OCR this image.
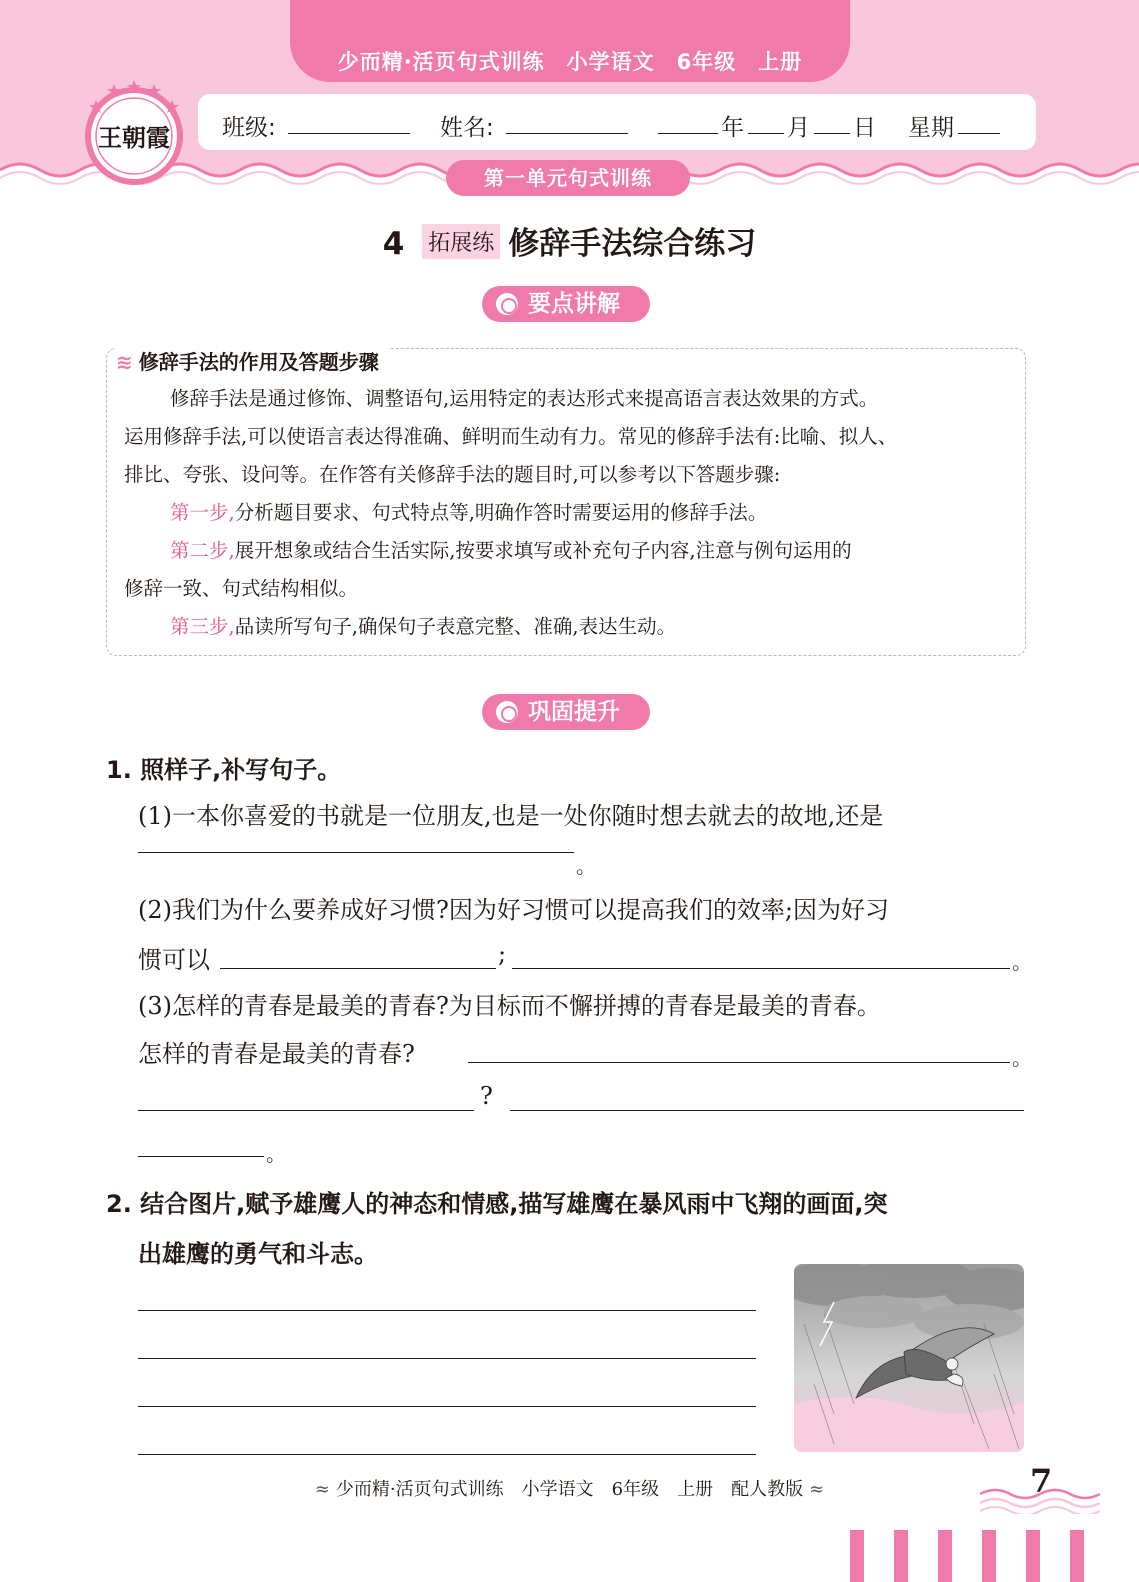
少而精·活页句式训练　小学语文　6年级　上册
班级:	姓名:	年 月 日 星期
王朝霞
第一单元句式训练
4 拓展练 修辞手法综合练习
要点讲解
≋ 修辞手法的作用及答题步骤
修辞手法是通过修饰、调整语句,运用特定的表达形式来提高语言表达效果的方式。
运用修辞手法,可以使语言表达得准确、鲜明而生动有力。常见的修辞手法有:比喻、拟人、
排比、夸张、设问等。在作答有关修辞手法的题目时,可以参考以下答题步骤:
第一步,分析题目要求、句式特点等,明确作答时需要运用的修辞手法。
第二步,展开想象或结合生活实际,按要求填写或补充句子内容,注意与例句运用的
修辞一致、句式结构相似。
第三步,品读所写句子,确保句子表意完整、准确,表达生动。
巩固提升
1. 照样子,补写句子。
(1)一本你喜爱的书就是一位朋友,也是一处你随时想去就去的故地,还是
。
(2)我们为什么要养成好习惯?因为好习惯可以提高我们的效率;因为好习
惯可以	;	。
(3)怎样的青春是最美的青春?为目标而不懈拼搏的青春是最美的青春。
怎样的青春是最美的青春?	。
?
。
2. 结合图片,赋予雄鹰人的神态和情感,描写雄鹰在暴风雨中飞翔的画面,突
出雄鹰的勇气和斗志。
≈ 少而精·活页句式训练　小学语文　6年级　上册　配人教版 ≈	7
